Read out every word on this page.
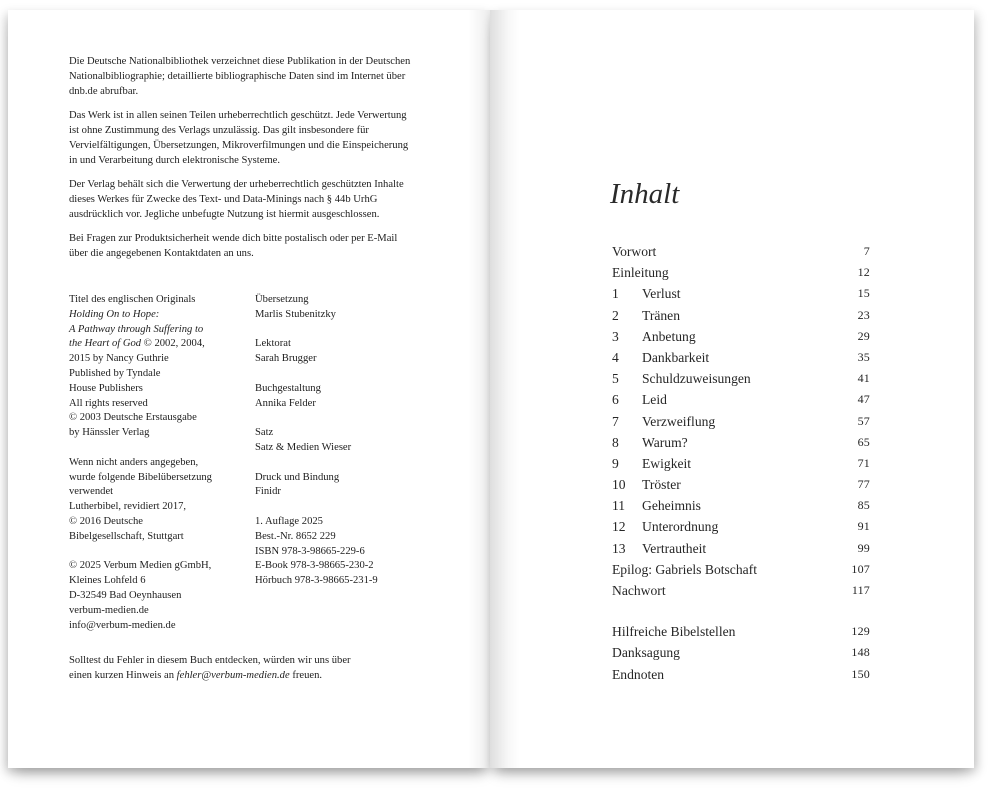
Die Deutsche Nationalbibliothek verzeichnet diese Publikation in der Deutschen Nationalbibliographie; detaillierte bibliographische Daten sind im Internet über dnb.de abrufbar.

Das Werk ist in allen seinen Teilen urheberrechtlich geschützt. Jede Verwertung ist ohne Zustimmung des Verlags unzulässig. Das gilt insbesondere für Vervielfältigungen, Übersetzungen, Mikroverfilmungen und die Einspeicherung in und Verarbeitung durch elektronische Systeme.

Der Verlag behält sich die Verwertung der urheberrechtlich geschützten Inhalte dieses Werkes für Zwecke des Text- und Data-Minings nach § 44b UrhG ausdrücklich vor. Jegliche unbefugte Nutzung ist hiermit ausgeschlossen.

Bei Fragen zur Produktsicherheit wende dich bitte postalisch oder per E-Mail über die angegebenen Kontaktdaten an uns.

Titel des englischen Originals
Holding On to Hope:
A Pathway through Suffering to
the Heart of God © 2002, 2004,
2015 by Nancy Guthrie
Published by Tyndale
House Publishers
All rights reserved
© 2003 Deutsche Erstausgabe
by Hänssler Verlag
Wenn nicht anders angegeben,
wurde folgende Bibelübersetzung
verwendet
Lutherbibel, revidiert 2017,
© 2016 Deutsche
Bibelgesellschaft, Stuttgart
© 2025 Verbum Medien gGmbH,
Kleines Lohfeld 6
D-32549 Bad Oeynhausen
verbum-medien.de
info@verbum-medien.de
Übersetzung
Marlis Stubenitzky
Lektorat
Sarah Brugger
Buchgestaltung
Annika Felder
Satz
Satz & Medien Wieser
Druck und Bindung
Finidr
1. Auflage 2025
Best.-Nr. 8652 229
ISBN 978-3-98665-229-6
E-Book 978-3-98665-230-2
Hörbuch 978-3-98665-231-9
Solltest du Fehler in diesem Buch entdecken, würden wir uns über
einen kurzen Hinweis an fehler@verbum-medien.de freuen.
Inhalt
Vorwort	7
Einleitung	12
1	Verlust	15
2	Tränen	23
3	Anbetung	29
4	Dankbarkeit	35
5	Schuldzuweisungen	41
6	Leid	47
7	Verzweiflung	57
8	Warum?	65
9	Ewigkeit	71
10	Tröster	77
11	Geheimnis	85
12	Unterordnung	91
13	Vertrautheit	99
Epilog: Gabriels Botschaft	107
Nachwort	117
Hilfreiche Bibelstellen	129
Danksagung	148
Endnoten	150
